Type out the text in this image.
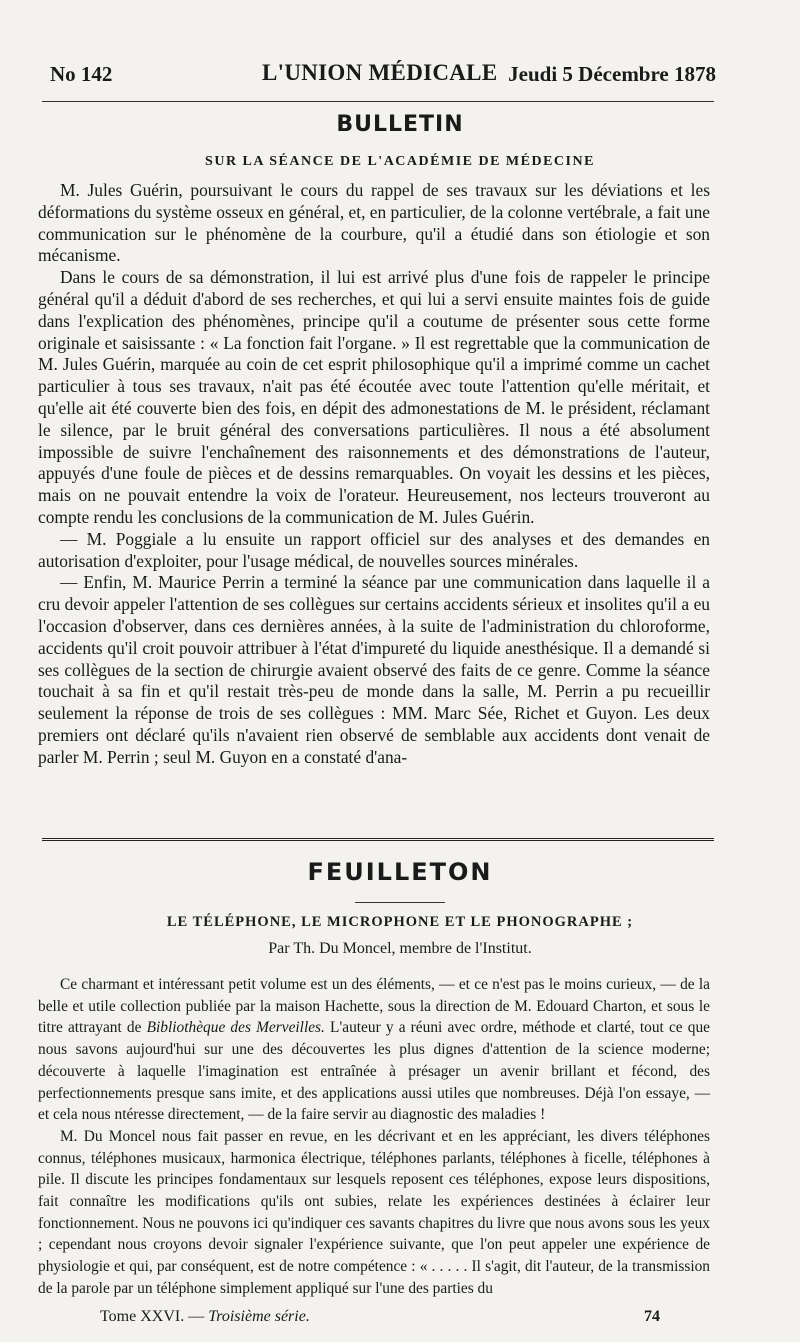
No 142	L'UNION MÉDICALE Jeudi 5 Décembre 1878
BULLETIN
SUR LA SÉANCE DE L'ACADÉMIE DE MÉDECINE

M. Jules Guérin, poursuivant le cours du rappel de ses travaux sur les déviations et les déformations du système osseux en général, et, en particulier, de la colonne vertébrale, a fait une communication sur le phénomène de la courbure, qu'il a étudié dans son étiologie et son mécanisme.

Dans le cours de sa démonstration, il lui est arrivé plus d'une fois de rappeler le principe général qu'il a déduit d'abord de ses recherches, et qui lui a servi ensuite maintes fois de guide dans l'explication des phénomènes, principe qu'il a coutume de présenter sous cette forme originale et saisissante : « La fonction fait l'organe. » Il est regrettable que la communication de M. Jules Guérin, marquée au coin de cet esprit philosophique qu'il a imprimé comme un cachet particulier à tous ses travaux, n'ait pas été écoutée avec toute l'attention qu'elle méritait, et qu'elle ait été couverte bien des fois, en dépit des admonestations de M. le président, réclamant le silence, par le bruit général des conversations particulières. Il nous a été absolument impossible de suivre l'enchaînement des raisonnements et des démonstrations de l'auteur, appuyés d'une foule de pièces et de dessins remarquables. On voyait les dessins et les pièces, mais on ne pouvait entendre la voix de l'orateur. Heureusement, nos lecteurs trouveront au compte rendu les conclusions de la communication de M. Jules Guérin.

— M. Poggiale a lu ensuite un rapport officiel sur des analyses et des demandes en autorisation d'exploiter, pour l'usage médical, de nouvelles sources minérales.

— Enfin, M. Maurice Perrin a terminé la séance par une communication dans laquelle il a cru devoir appeler l'attention de ses collègues sur certains accidents sérieux et insolites qu'il a eu l'occasion d'observer, dans ces dernières années, à la suite de l'administration du chloroforme, accidents qu'il croit pouvoir attribuer à l'état d'impureté du liquide anesthésique. Il a demandé si ses collègues de la section de chirurgie avaient observé des faits de ce genre. Comme la séance touchait à sa fin et qu'il restait très-peu de monde dans la salle, M. Perrin a pu recueillir seulement la réponse de trois de ses collègues : MM. Marc Sée, Richet et Guyon. Les deux premiers ont déclaré qu'ils n'avaient rien observé de semblable aux accidents dont venait de parler M. Perrin ; seul M. Guyon en a constaté d'ana-

FEUILLETON
LE TÉLÉPHONE, LE MICROPHONE ET LE PHONOGRAPHE ;
Par Th. Du Moncel, membre de l'Institut.

Ce charmant et intéressant petit volume est un des éléments, — et ce n'est pas le moins curieux, — de la belle et utile collection publiée par la maison Hachette, sous la direction de M. Edouard Charton, et sous le titre attrayant de Bibliothèque des Merveilles. L'auteur y a réuni avec ordre, méthode et clarté, tout ce que nous savons aujourd'hui sur une des découvertes les plus dignes d'attention de la science moderne; découverte à laquelle l'imagination est entraînée à présager un avenir brillant et fécond, des perfectionnements presque sans imite, et des applications aussi utiles que nombreuses. Déjà l'on essaye, — et cela nous ntéresse directement, — de la faire servir au diagnostic des maladies !

M. Du Moncel nous fait passer en revue, en les décrivant et en les appréciant, les divers téléphones connus, téléphones musicaux, harmonica électrique, téléphones parlants, téléphones à ficelle, téléphones à pile. Il discute les principes fondamentaux sur lesquels reposent ces téléphones, expose leurs dispositions, fait connaître les modifications qu'ils ont subies, relate les expériences destinées à éclairer leur fonctionnement. Nous ne pouvons ici qu'indiquer ces savants chapitres du livre que nous avons sous les yeux ; cependant nous croyons devoir signaler l'expérience suivante, que l'on peut appeler une expérience de physiologie et qui, par conséquent, est de notre compétence : « . . . . . Il s'agit, dit l'auteur, de la transmission de la parole par un téléphone simplement appliqué sur l'une des parties du

Tome XXVI. — Troisième série.	74
